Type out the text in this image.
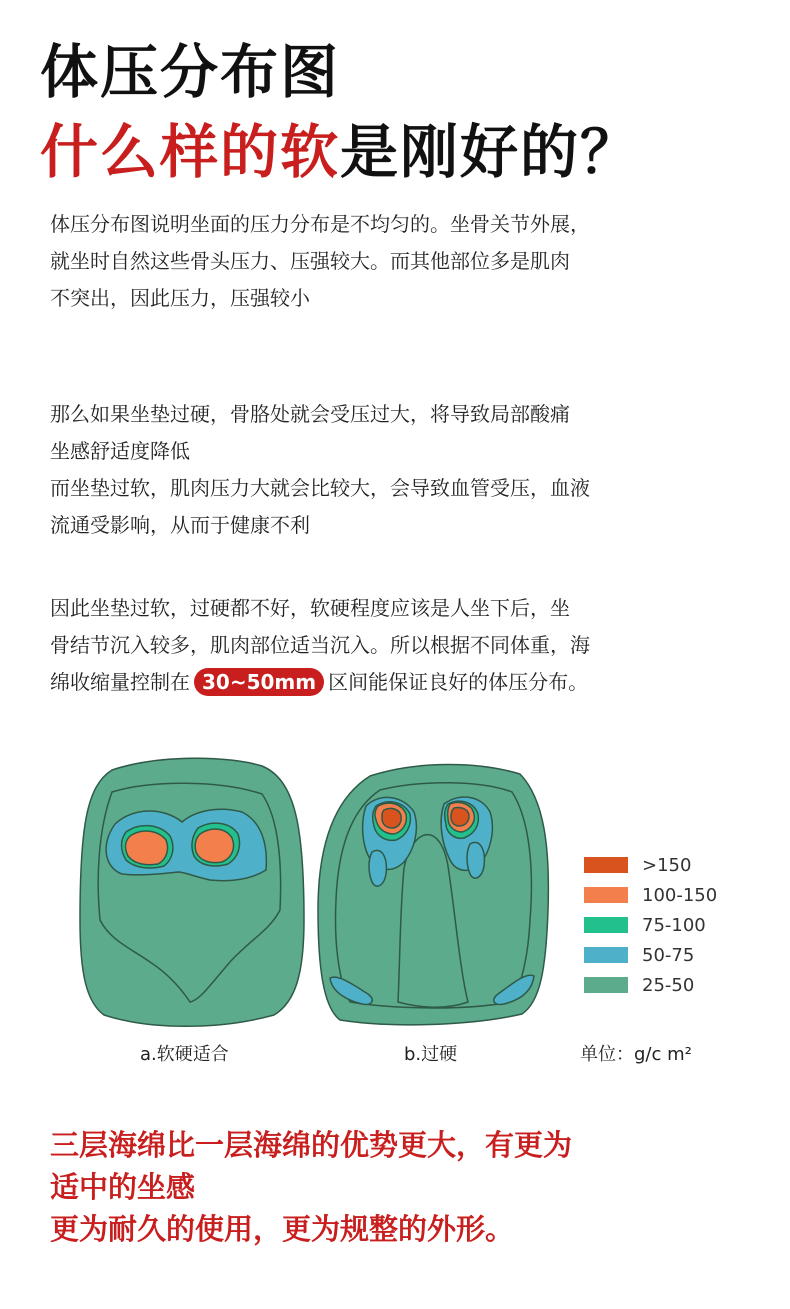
体压分布图
什么样的软是刚好的？
体压分布图说明坐面的压力分布是不均匀的。坐骨关节外展，
就坐时自然这些骨头压力、压强较大。而其他部位多是肌肉
不突出，因此压力，压强较小
那么如果坐垫过硬，骨胳处就会受压过大，将导致局部酸痛
坐感舒适度降低
而坐垫过软，肌肉压力大就会比较大，会导致血管受压，血液
流通受影响，从而于健康不利
因此坐垫过软，过硬都不好，软硬程度应该是人坐下后，坐
骨结节沉入较多，肌肉部位适当沉入。所以根据不同体重，海
绵收缩量控制在 30~50mm 区间能保证良好的体压分布。
>150
100-150
75-100
50-75
25-50
a.软硬适合	b.过硬	单位：g/c m²
三层海绵比一层海绵的优势更大，有更为
适中的坐感
更为耐久的使用，更为规整的外形。
